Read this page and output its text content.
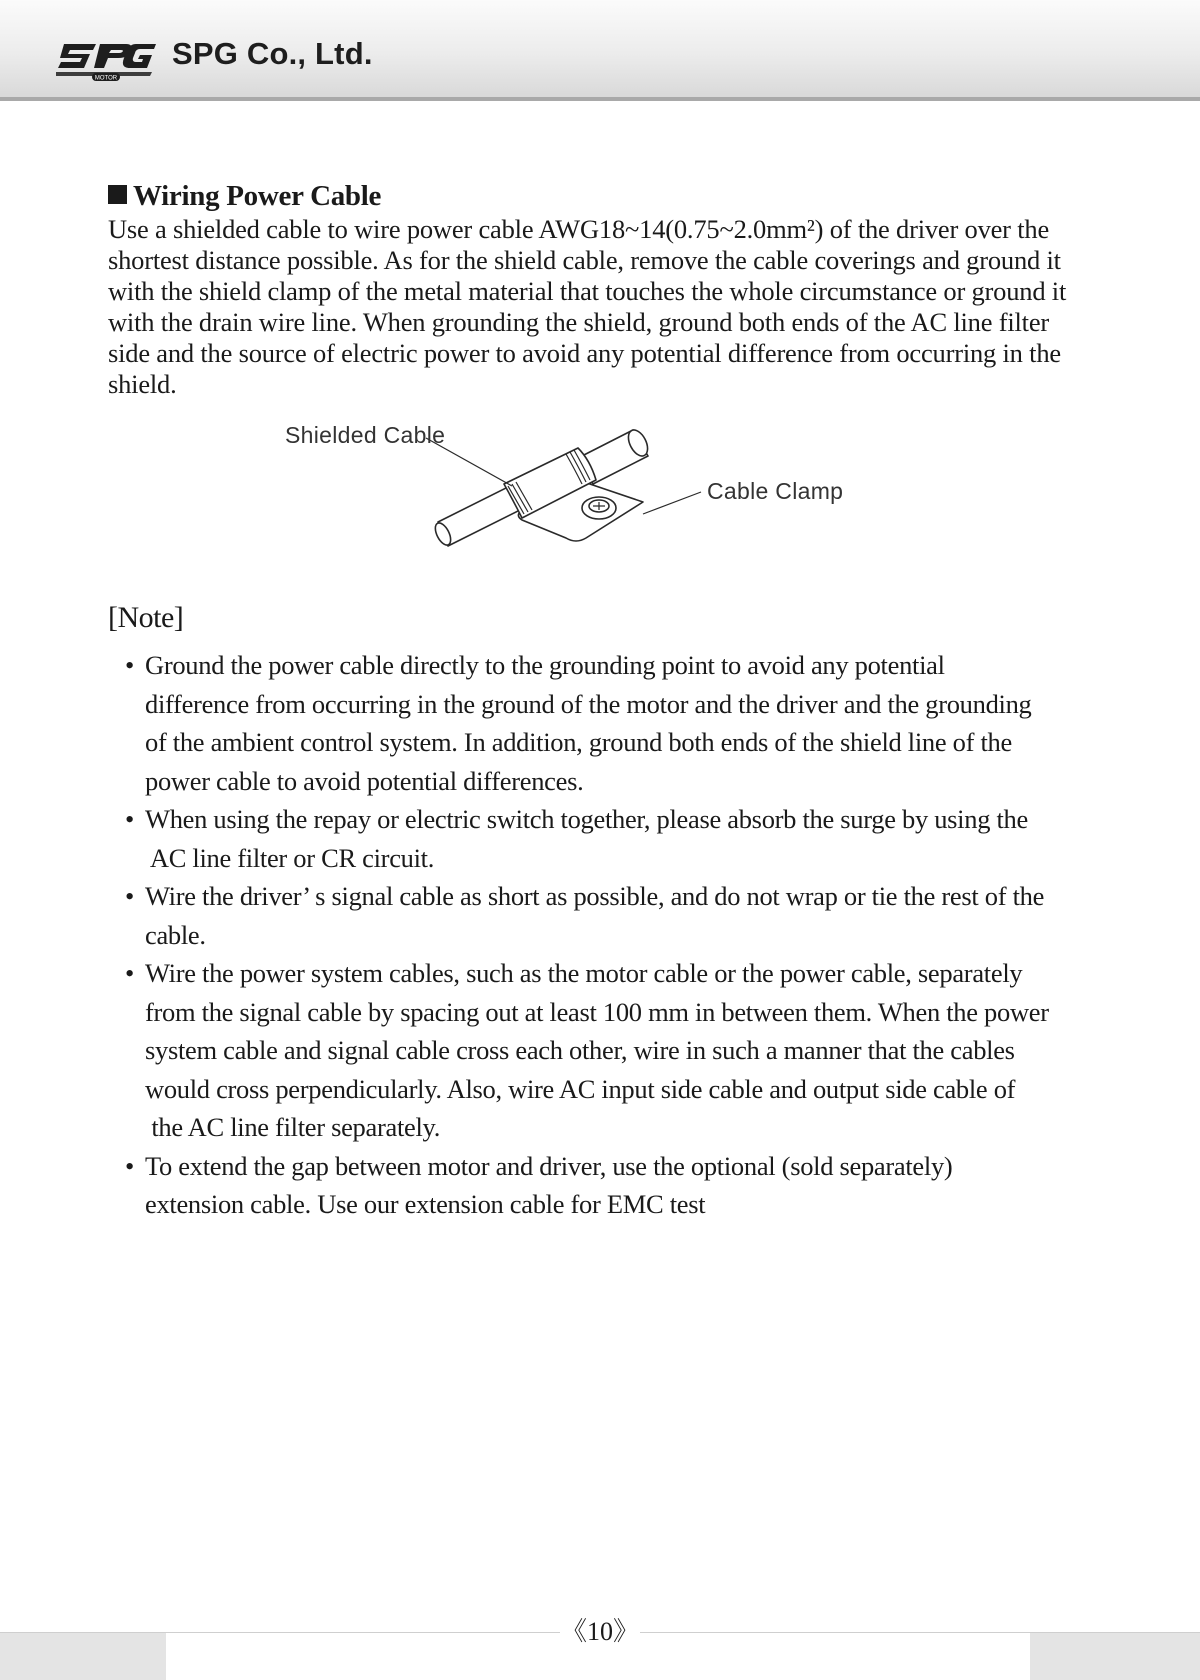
MOTOR
SPG Co., Ltd.
Wiring Power Cable
Use a shielded cable to wire power cable AWG18~14(0.75~2.0mm²) of the driver over the
shortest distance possible. As for the shield cable, remove the cable coverings and ground it
with the shield clamp of the metal material that touches the whole circumstance or ground it
with the drain wire line. When grounding the shield, ground both ends of the AC line filter
side and the source of electric power to avoid any potential difference from occurring in the
shield.
Shielded Cable
Cable Clamp
[Note]
• Ground the power cable directly to the grounding point to avoid any potential
difference from occurring in the ground of the motor and the driver and the grounding
of the ambient control system. In addition, ground both ends of the shield line of the
power cable to avoid potential differences.
• When using the repay or electric switch together, please absorb the surge by using the
AC line filter or CR circuit.
• Wire the driver’ s signal cable as short as possible, and do not wrap or tie the rest of the
cable.
• Wire the power system cables, such as the motor cable or the power cable, separately
from the signal cable by spacing out at least 100 mm in between them. When the power
system cable and signal cable cross each other, wire in such a manner that the cables
would cross perpendicularly. Also, wire AC input side cable and output side cable of
the AC line filter separately.
• To extend the gap between motor and driver, use the optional (sold separately)
extension cable. Use our extension cable for EMC test
《10》
